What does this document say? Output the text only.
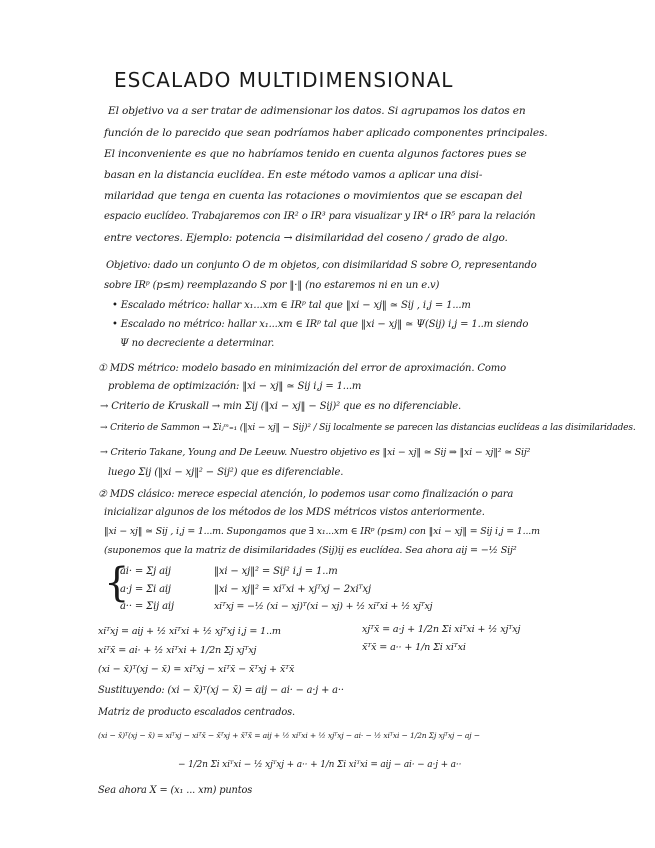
ESCALADO MULTIDIMENSIONAL
El objetivo va a ser tratar de adimensionar los datos. Si agrupamos los datos en
función de lo parecido que sean podríamos haber aplicado componentes principales.
El inconveniente es que no habríamos tenido en cuenta algunos factores pues se
basan en la distancia euclídea. En este método vamos a aplicar una disi-
milaridad que tenga en cuenta las rotaciones o movimientos que se escapan del
espacio euclídeo. Trabajaremos con IR² o IR³ para visualizar y IR⁴ o IR⁵ para la relación
entre vectores. Ejemplo: potencia → disimilaridad del coseno / grado de algo.
Objetivo: dado un conjunto O de m objetos, con disimilaridad S sobre O, representando
sobre IRᵖ (p≤m) reemplazando S por ‖·‖ (no estaremos ni en un e.v)
• Escalado métrico: hallar x₁...xm ∈ IRᵖ tal que ‖xi − xj‖ ≃ Sij , i,j = 1...m
• Escalado no métrico: hallar x₁...xm ∈ IRᵖ tal que ‖xi − xj‖ ≃ Ψ(Sij) i,j = 1..m siendo
Ψ no decreciente a determinar.
① MDS métrico: modelo basado en minimización del error de aproximación. Como
problema de optimización: ‖xi − xj‖ ≃ Sij i,j = 1...m
→ Criterio de Kruskall → min Σij (‖xi − xj‖ − Sij)² que es no diferenciable.
→ Criterio de Sammon → Σiⱼᵐ₌₁ (‖xi − xj‖ − Sij)² / Sij localmente se parecen las distancias euclídeas a las disimilaridades.
→ Criterio Takane, Young and De Leeuw. Nuestro objetivo es ‖xi − xj‖ ≃ Sij ⇒ ‖xi − xj‖² ≃ Sij²
luego Σij (‖xi − xj‖² − Sij²) que es diferenciable.
② MDS clásico: merece especial atención, lo podemos usar como finalización o para
inicializar algunos de los métodos de los MDS métricos vistos anteriormente.
‖xi − xj‖ ≃ Sij , i,j = 1...m. Supongamos que ∃ x₁...xm ∈ IRᵖ (p≤m) con ‖xi − xj‖ = Sij i,j = 1...m
(suponemos que la matriz de disimilaridades (Sij)ij es euclídea. Sea ahora aij = −½ Sij²
{
ai· = Σj aij
a·j = Σi aij
a·· = Σij aij
‖xi − xj‖² = Sij² i,j = 1..m
‖xi − xj‖² = xiᵀxi + xjᵀxj − 2xiᵀxj
xiᵀxj = −½ (xi − xj)ᵀ(xi − xj) + ½ xiᵀxi + ½ xjᵀxj
xiᵀxj = aij + ½ xiᵀxi + ½ xjᵀxj i,j = 1..m	xjᵀx̄ = a·j + 1/2n Σi xiᵀxi + ½ xjᵀxj
xiᵀx̄ = ai· + ½ xiᵀxi + 1/2n Σj xjᵀxj	x̄ᵀx̄ = a·· + 1/n Σi xiᵀxi
(xi − x̄)ᵀ(xj − x̄) = xiᵀxj − xiᵀx̄ − x̄ᵀxj + x̄ᵀx̄
Sustituyendo: (xi − x̄)ᵀ(xj − x̄) = aij − ai· − a·j + a··
Matriz de producto escalados centrados.
(xi − x̄)ᵀ(xj − x̄) = xiᵀxj − xiᵀx̄ − x̄ᵀxj + x̄ᵀx̄ = aij + ½ xiᵀxi + ½ xjᵀxj − ai· − ½ xiᵀxi − 1/2n Σj xjᵀxj − aj −
− 1/2n Σi xiᵀxi − ½ xjᵀxj + a·· + 1/n Σi xiᵀxi = aij − ai· − a·j + a··
Sea ahora X = (x₁ ... xm) puntos
